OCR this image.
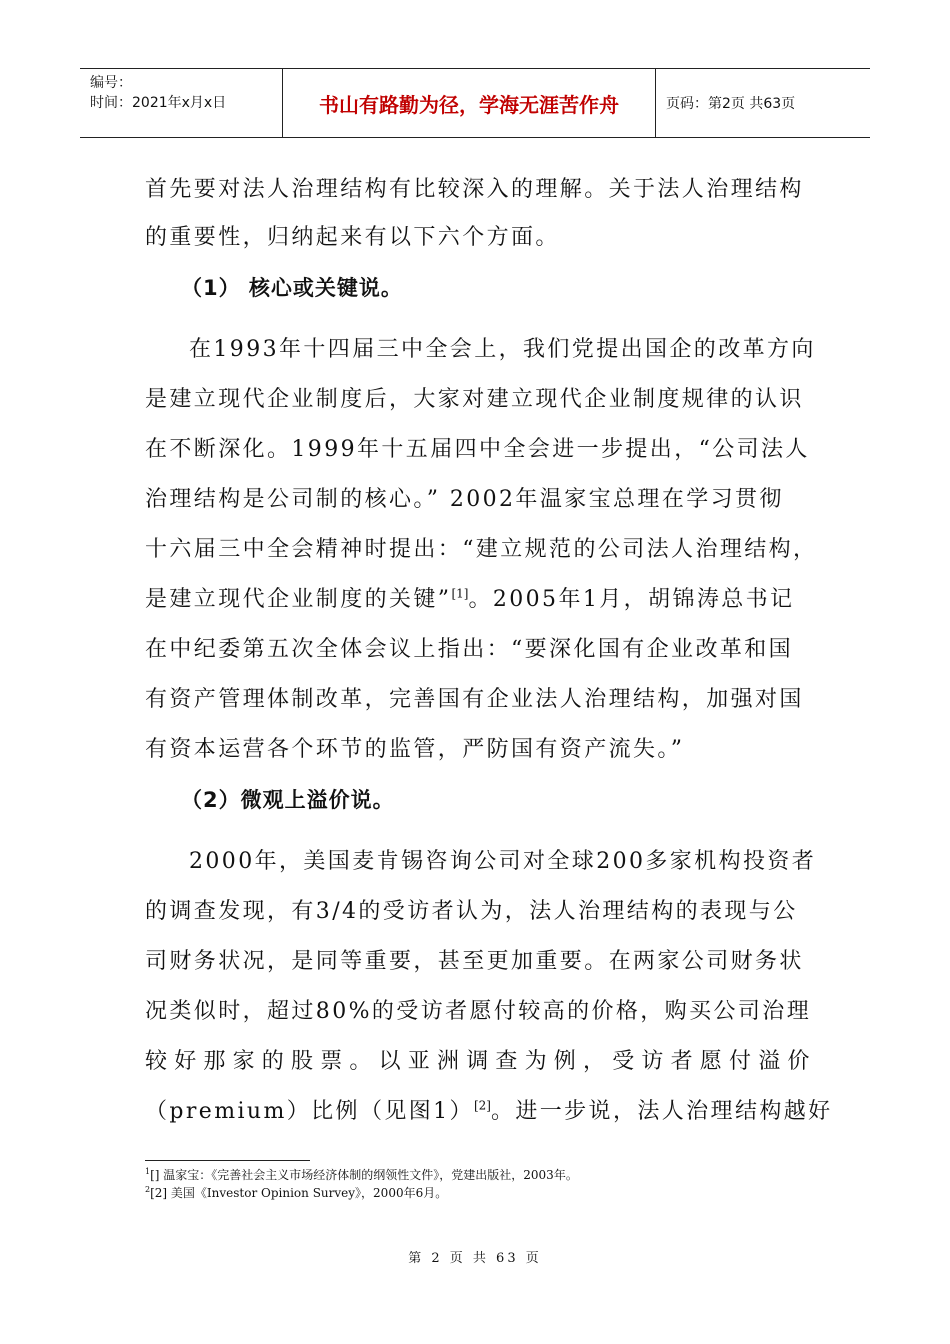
编号：
时间：2021年x月x日	书山有路勤为径，学海无涯苦作舟	页码：第2页 共63页
首先要对法人治理结构有比较深入的理解。关于法人治理结构
的重要性，归纳起来有以下六个方面。
（1） 核心或关键说。
在1993年十四届三中全会上，我们党提出国企的改革方向
是建立现代企业制度后，大家对建立现代企业制度规律的认识
在不断深化。1999年十五届四中全会进一步提出，“公司法人
治理结构是公司制的核心。” 2002年温家宝总理在学习贯彻
十六届三中全会精神时提出：“建立规范的公司法人治理结构，
是建立现代企业制度的关键”[1]。2005年1月，胡锦涛总书记
在中纪委第五次全体会议上指出：“要深化国有企业改革和国
有资产管理体制改革，完善国有企业法人治理结构，加强对国
有资本运营各个环节的监管，严防国有资产流失。”
（2）微观上溢价说。
2000年，美国麦肯锡咨询公司对全球200多家机构投资者
的调查发现，有3/4的受访者认为，法人治理结构的表现与公
司财务状况，是同等重要，甚至更加重要。在两家公司财务状
况类似时，超过80%的受访者愿付较高的价格，购买公司治理
较好那家的股票。以亚洲调查为例，受访者愿付溢价
（premium）比例（见图1）[2]。进一步说，法人治理结构越好
$^1$[] 温家宝：《完善社会主义市场经济体制的纲领性文件》，党建出版社，2003年。
$^2$[2] 美国《Investor Opinion Survey》，2000年6月。
第 2 页 共 63 页
